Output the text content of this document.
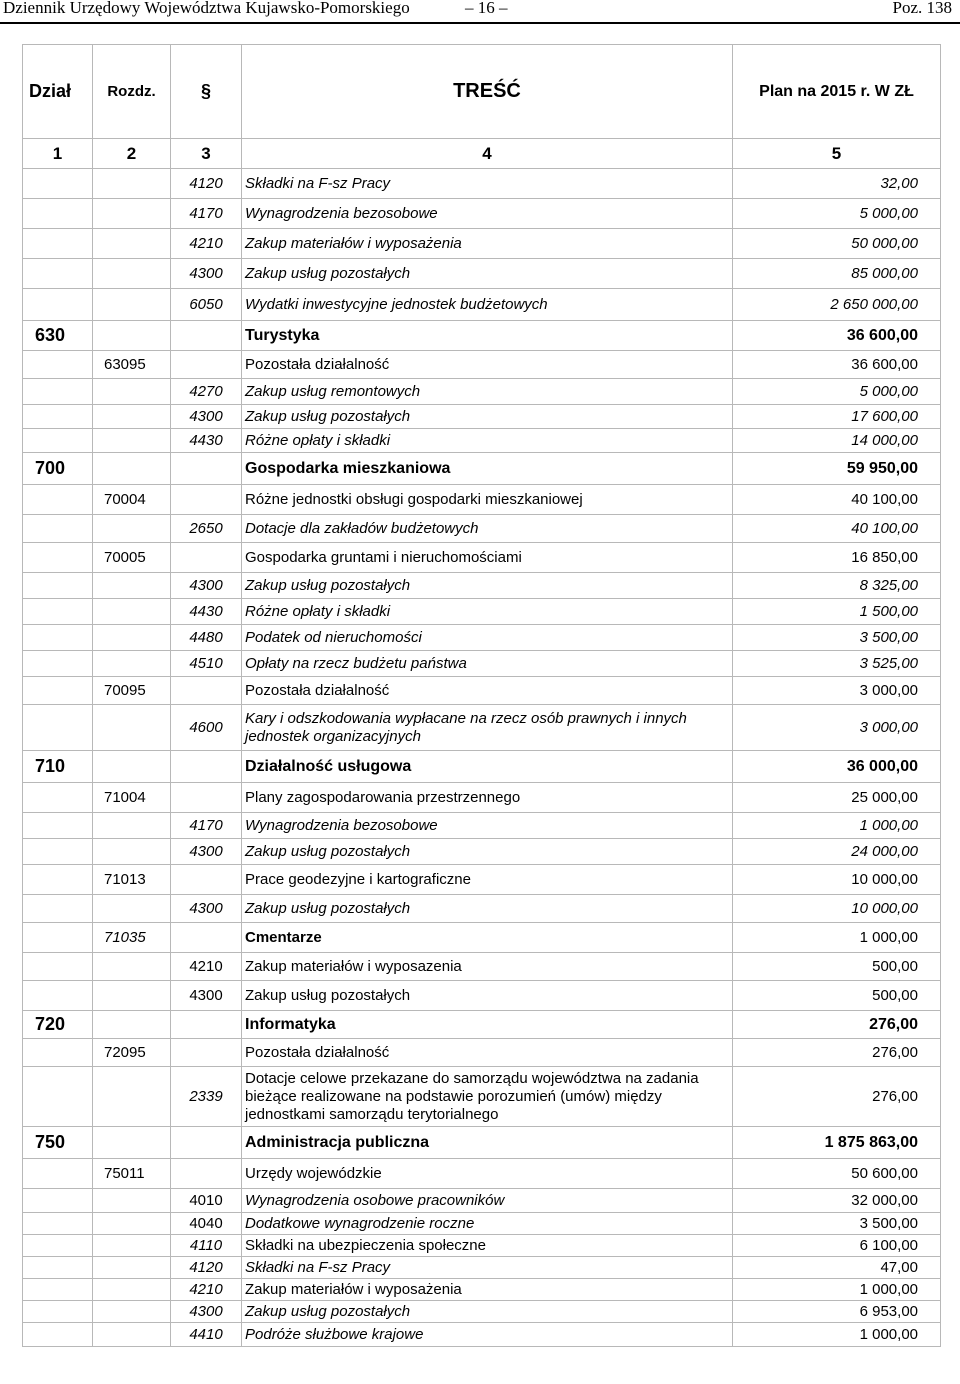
Dziennik Urzędowy Województwa Kujawsko-Pomorskiego	– 16 –	Poz. 138
Dział	Rozdz.	§	TREŚĆ	Plan na 2015 r. W ZŁ
1	2	3	4	5
		4120	Składki na F-sz Pracy	32,00
		4170	Wynagrodzenia bezosobowe	5 000,00
		4210	Zakup materiałów i wyposażenia	50 000,00
		4300	Zakup usług pozostałych	85 000,00
		6050	Wydatki inwestycyjne jednostek budżetowych	2 650 000,00
630			Turystyka	36 600,00
	63095		Pozostała działalność	36 600,00
		4270	Zakup usług remontowych	5 000,00
		4300	Zakup usług pozostałych	17 600,00
		4430	Różne opłaty i składki	14 000,00
700			Gospodarka mieszkaniowa	59 950,00
	70004		Różne jednostki obsługi gospodarki mieszkaniowej	40 100,00
		2650	Dotacje dla zakładów budżetowych	40 100,00
	70005		Gospodarka gruntami i nieruchomościami	16 850,00
		4300	Zakup usług pozostałych	8 325,00
		4430	Różne opłaty i składki	1 500,00
		4480	Podatek od nieruchomości	3 500,00
		4510	Opłaty na rzecz budżetu państwa	3 525,00
	70095		Pozostała działalność	3 000,00
		4600	Kary i odszkodowania wypłacane na rzecz osób prawnych i innych jednostek organizacyjnych	3 000,00
710			Działalność usługowa	36 000,00
	71004		Plany zagospodarowania przestrzennego	25 000,00
		4170	Wynagrodzenia bezosobowe	1 000,00
		4300	Zakup usług pozostałych	24 000,00
	71013		Prace geodezyjne i kartograficzne	10 000,00
		4300	Zakup usług pozostałych	10 000,00
	71035		Cmentarze	1 000,00
		4210	Zakup materiałów i wyposazenia	500,00
		4300	Zakup usług pozostałych	500,00
720			Informatyka	276,00
	72095		Pozostała działalność	276,00
		2339	Dotacje celowe przekazane do samorządu województwa na zadania bieżące realizowane na podstawie porozumień (umów) między jednostkami samorządu terytorialnego	276,00
750			Administracja publiczna	1 875 863,00
	75011		Urzędy wojewódzkie	50 600,00
		4010	Wynagrodzenia osobowe pracowników	32 000,00
		4040	Dodatkowe wynagrodzenie roczne	3 500,00
		4110	Składki na ubezpieczenia społeczne	6 100,00
		4120	Składki na F-sz Pracy	47,00
		4210	Zakup materiałów i wyposażenia	1 000,00
		4300	Zakup usług pozostałych	6 953,00
		4410	Podróże służbowe krajowe	1 000,00
